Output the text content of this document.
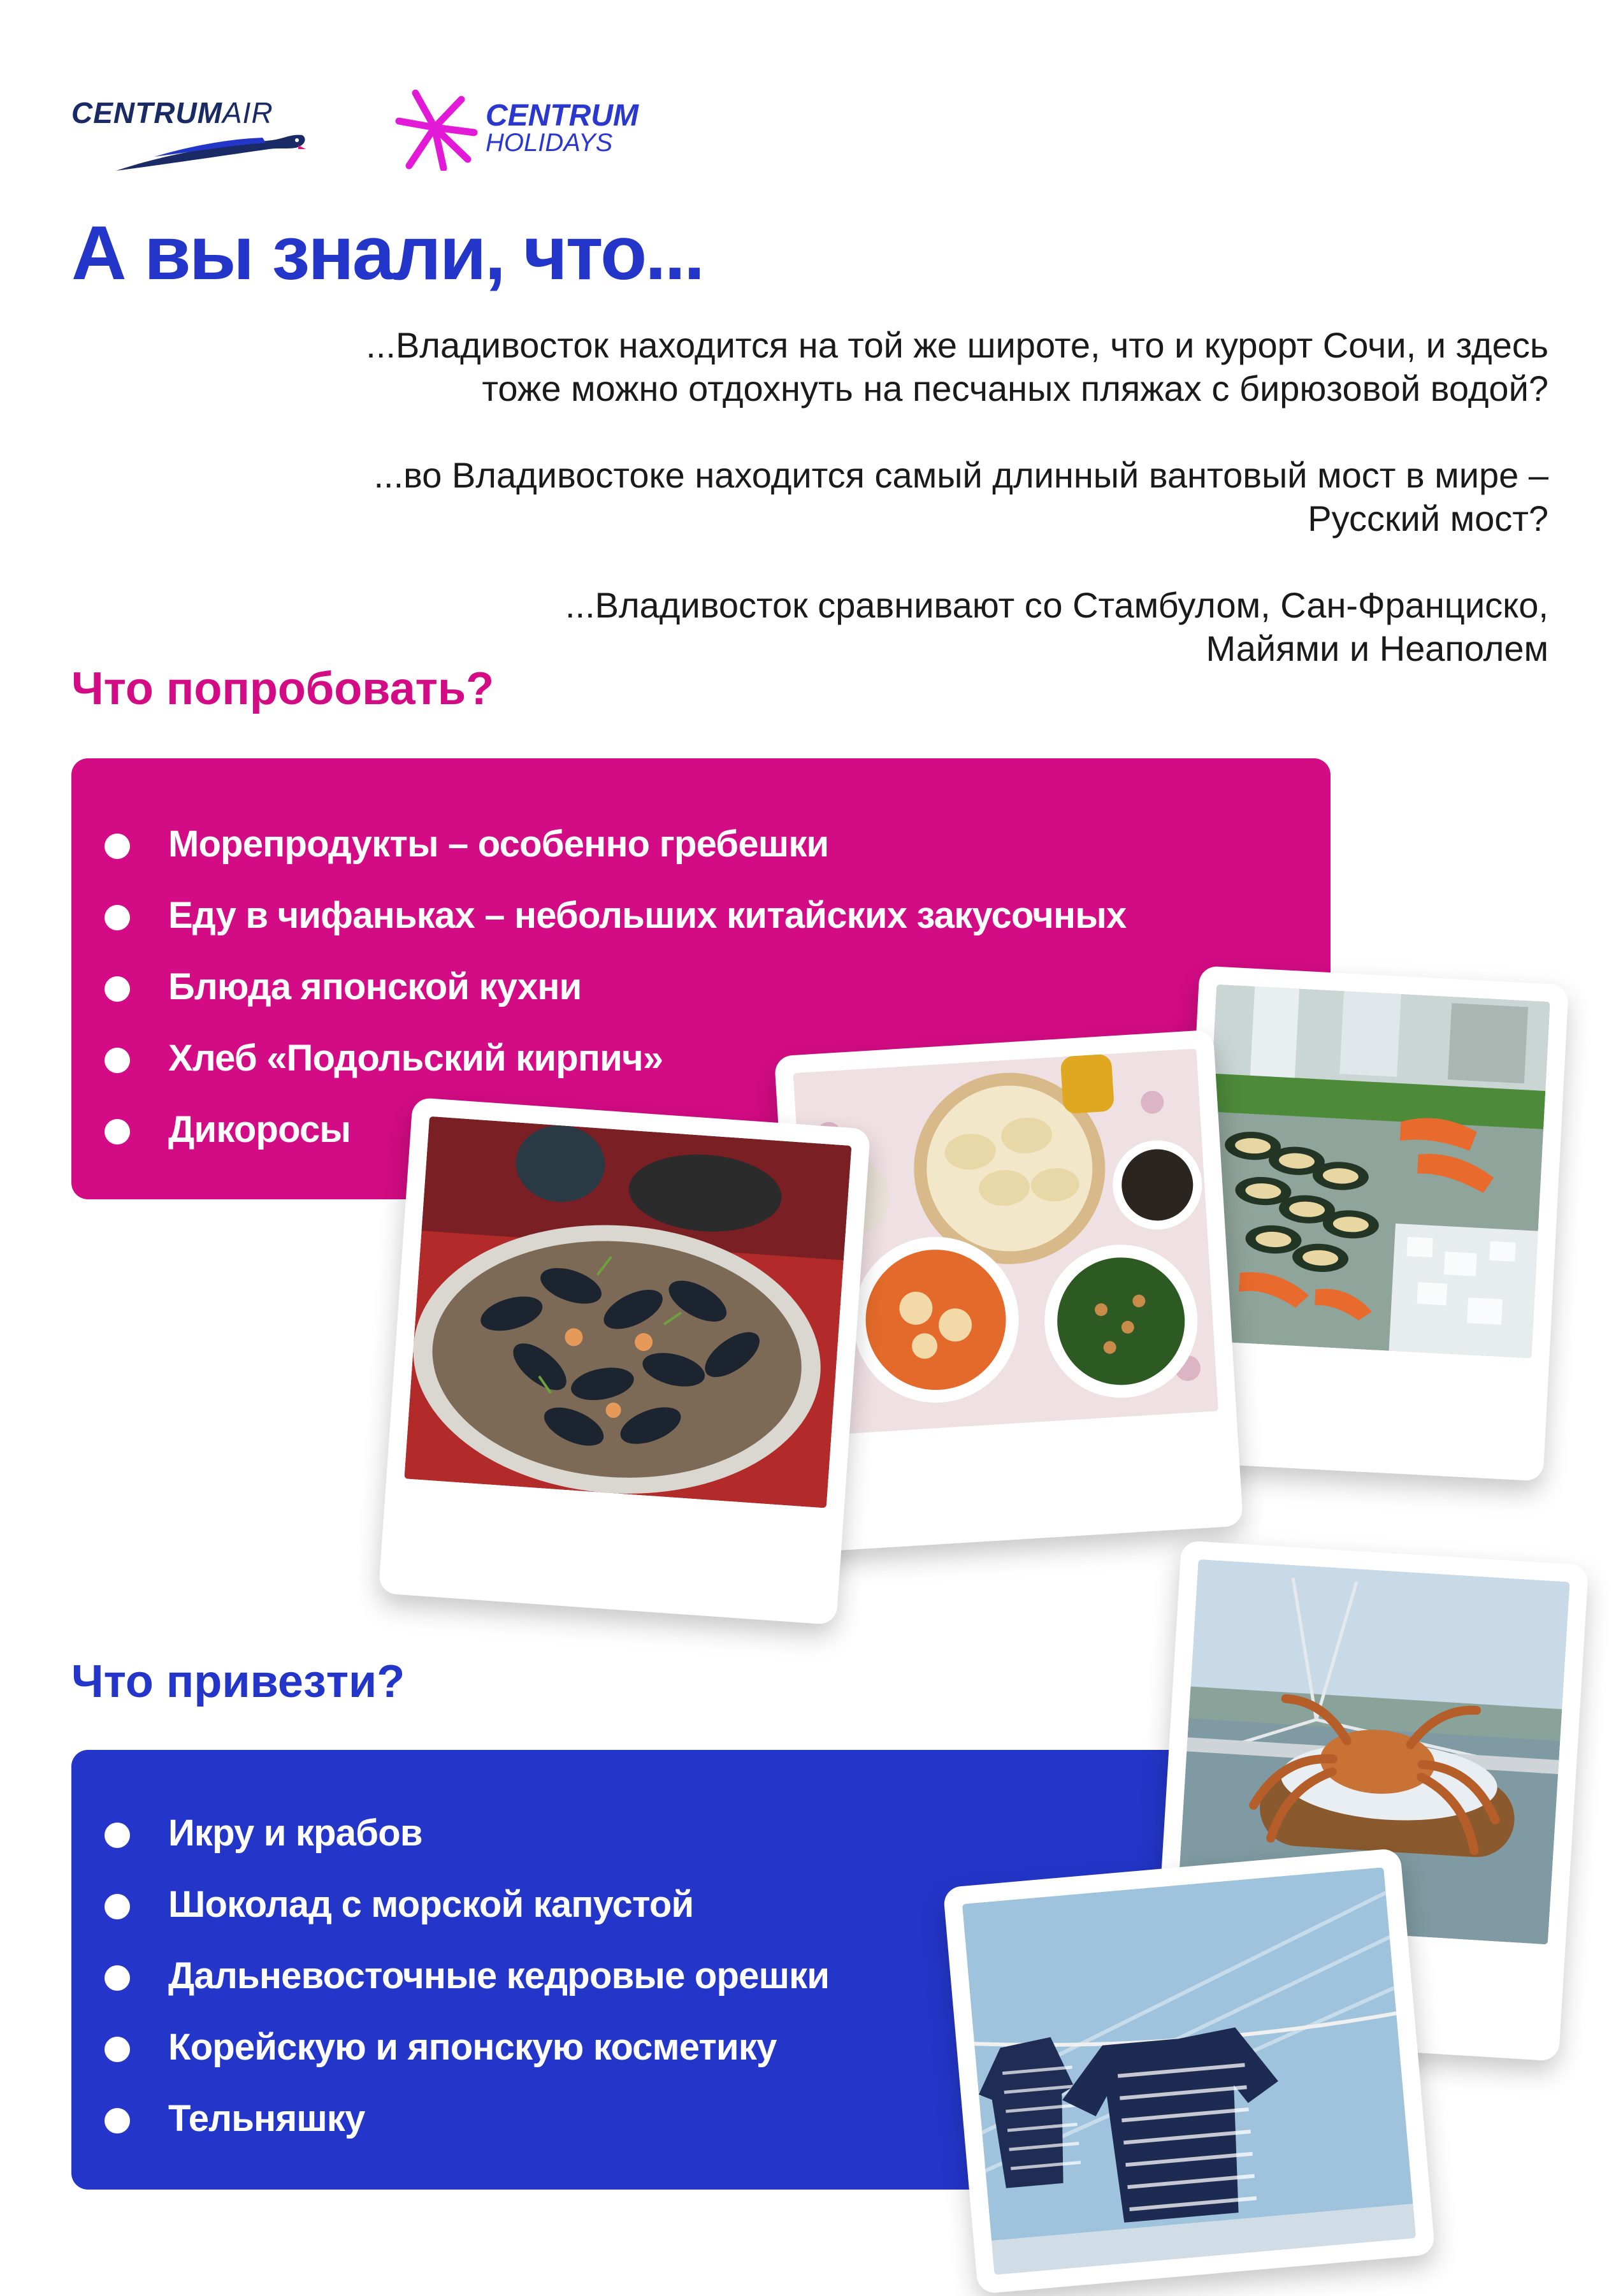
CENTRUMAIR	CENTRUM
HOLIDAYS
А вы знали, что...
...Владивосток находится на той же широте, что и курорт Сочи, и здесь
тоже можно отдохнуть на песчаных пляжах с бирюзовой водой?
...во Владивостоке находится самый длинный вантовый мост в мире –
Русский мост?
...Владивосток сравнивают со Стамбулом, Сан-Франциско,
Майями и Неаполем
Что попробовать?
Морепродукты – особенно гребешки
Еду в чифаньках – небольших китайских закусочных
Блюда японской кухни
Хлеб «Подольский кирпич»
Дикоросы
Что привезти?
Икру и крабов
Шоколад с морской капустой
Дальневосточные кедровые орешки
Корейскую и японскую косметику
Тельняшку
